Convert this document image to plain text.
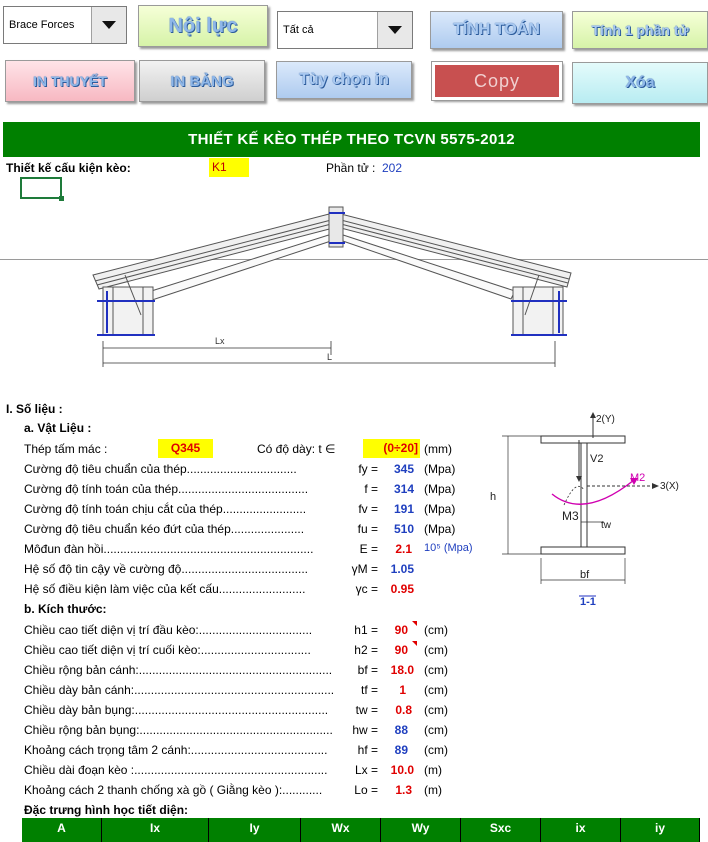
Brace Forces	Nội lực	Tất cả	TÍNH TOÁN	Tính 1 phần tử
IN THUYẾT	IN BẢNG	Tùy chọn in	Copy	Xóa
THIẾT KẾ KÈO THÉP THEO TCVN 5575-2012
Thiết kế cấu kiện kèo:	K1	Phần tử : 202
Lx
L
I. Số liệu :
a. Vật Liệu :
Thép tấm mác :	Q345	Có độ dày: t ∈	(0÷20] (mm)
Cường độ tiêu chuẩn của thép.................................	fy =	345 (Mpa)
Cường độ tính toán của thép.......................................	f =	314 (Mpa)
Cường độ tính toán chịu cắt của thép.........................	fv =	191 (Mpa)
Cường độ tiêu chuẩn kéo đứt của thép......................	fu =	510 (Mpa)
Môđun đàn hồi...............................................................	E =	2.1 10⁵ (Mpa)
Hệ số độ tin cậy về cường độ......................................	γM =	1.05
Hệ số điều kiện làm việc của kết cấu..........................	γc =	0.95
b. Kích thước:
Chiều cao tiết diện vị trí đầu kèo:..................................	h1 =	90 (cm)
Chiều cao tiết diện vị trí cuối kèo:.................................	h2 =	90 (cm)
Chiều rộng bản cánh:..........................................................	bf =	18.0 (cm)
Chiều dày bản cánh:............................................................	tf =	1 (cm)
Chiều dày bản bụng:..........................................................	tw =	0.8 (cm)
Chiều rộng bản bụng:..........................................................	hw =	88 (cm)
Khoảng cách trọng tâm 2 cánh:.........................................	hf =	89 (cm)
Chiều dài đoạn kèo :..........................................................	Lx =	10.0 (m)
Khoảng cách 2 thanh chống xà gồ ( Giằng kèo ):............	Lo =	1.3 (m)
Đặc trưng hình học tiết diện:
A	Ix	Iy	Wx	Wy	Sxc	ix	iy
2(Y)
3(X)
V2
M2
M3
h
tw
bf
1-1
